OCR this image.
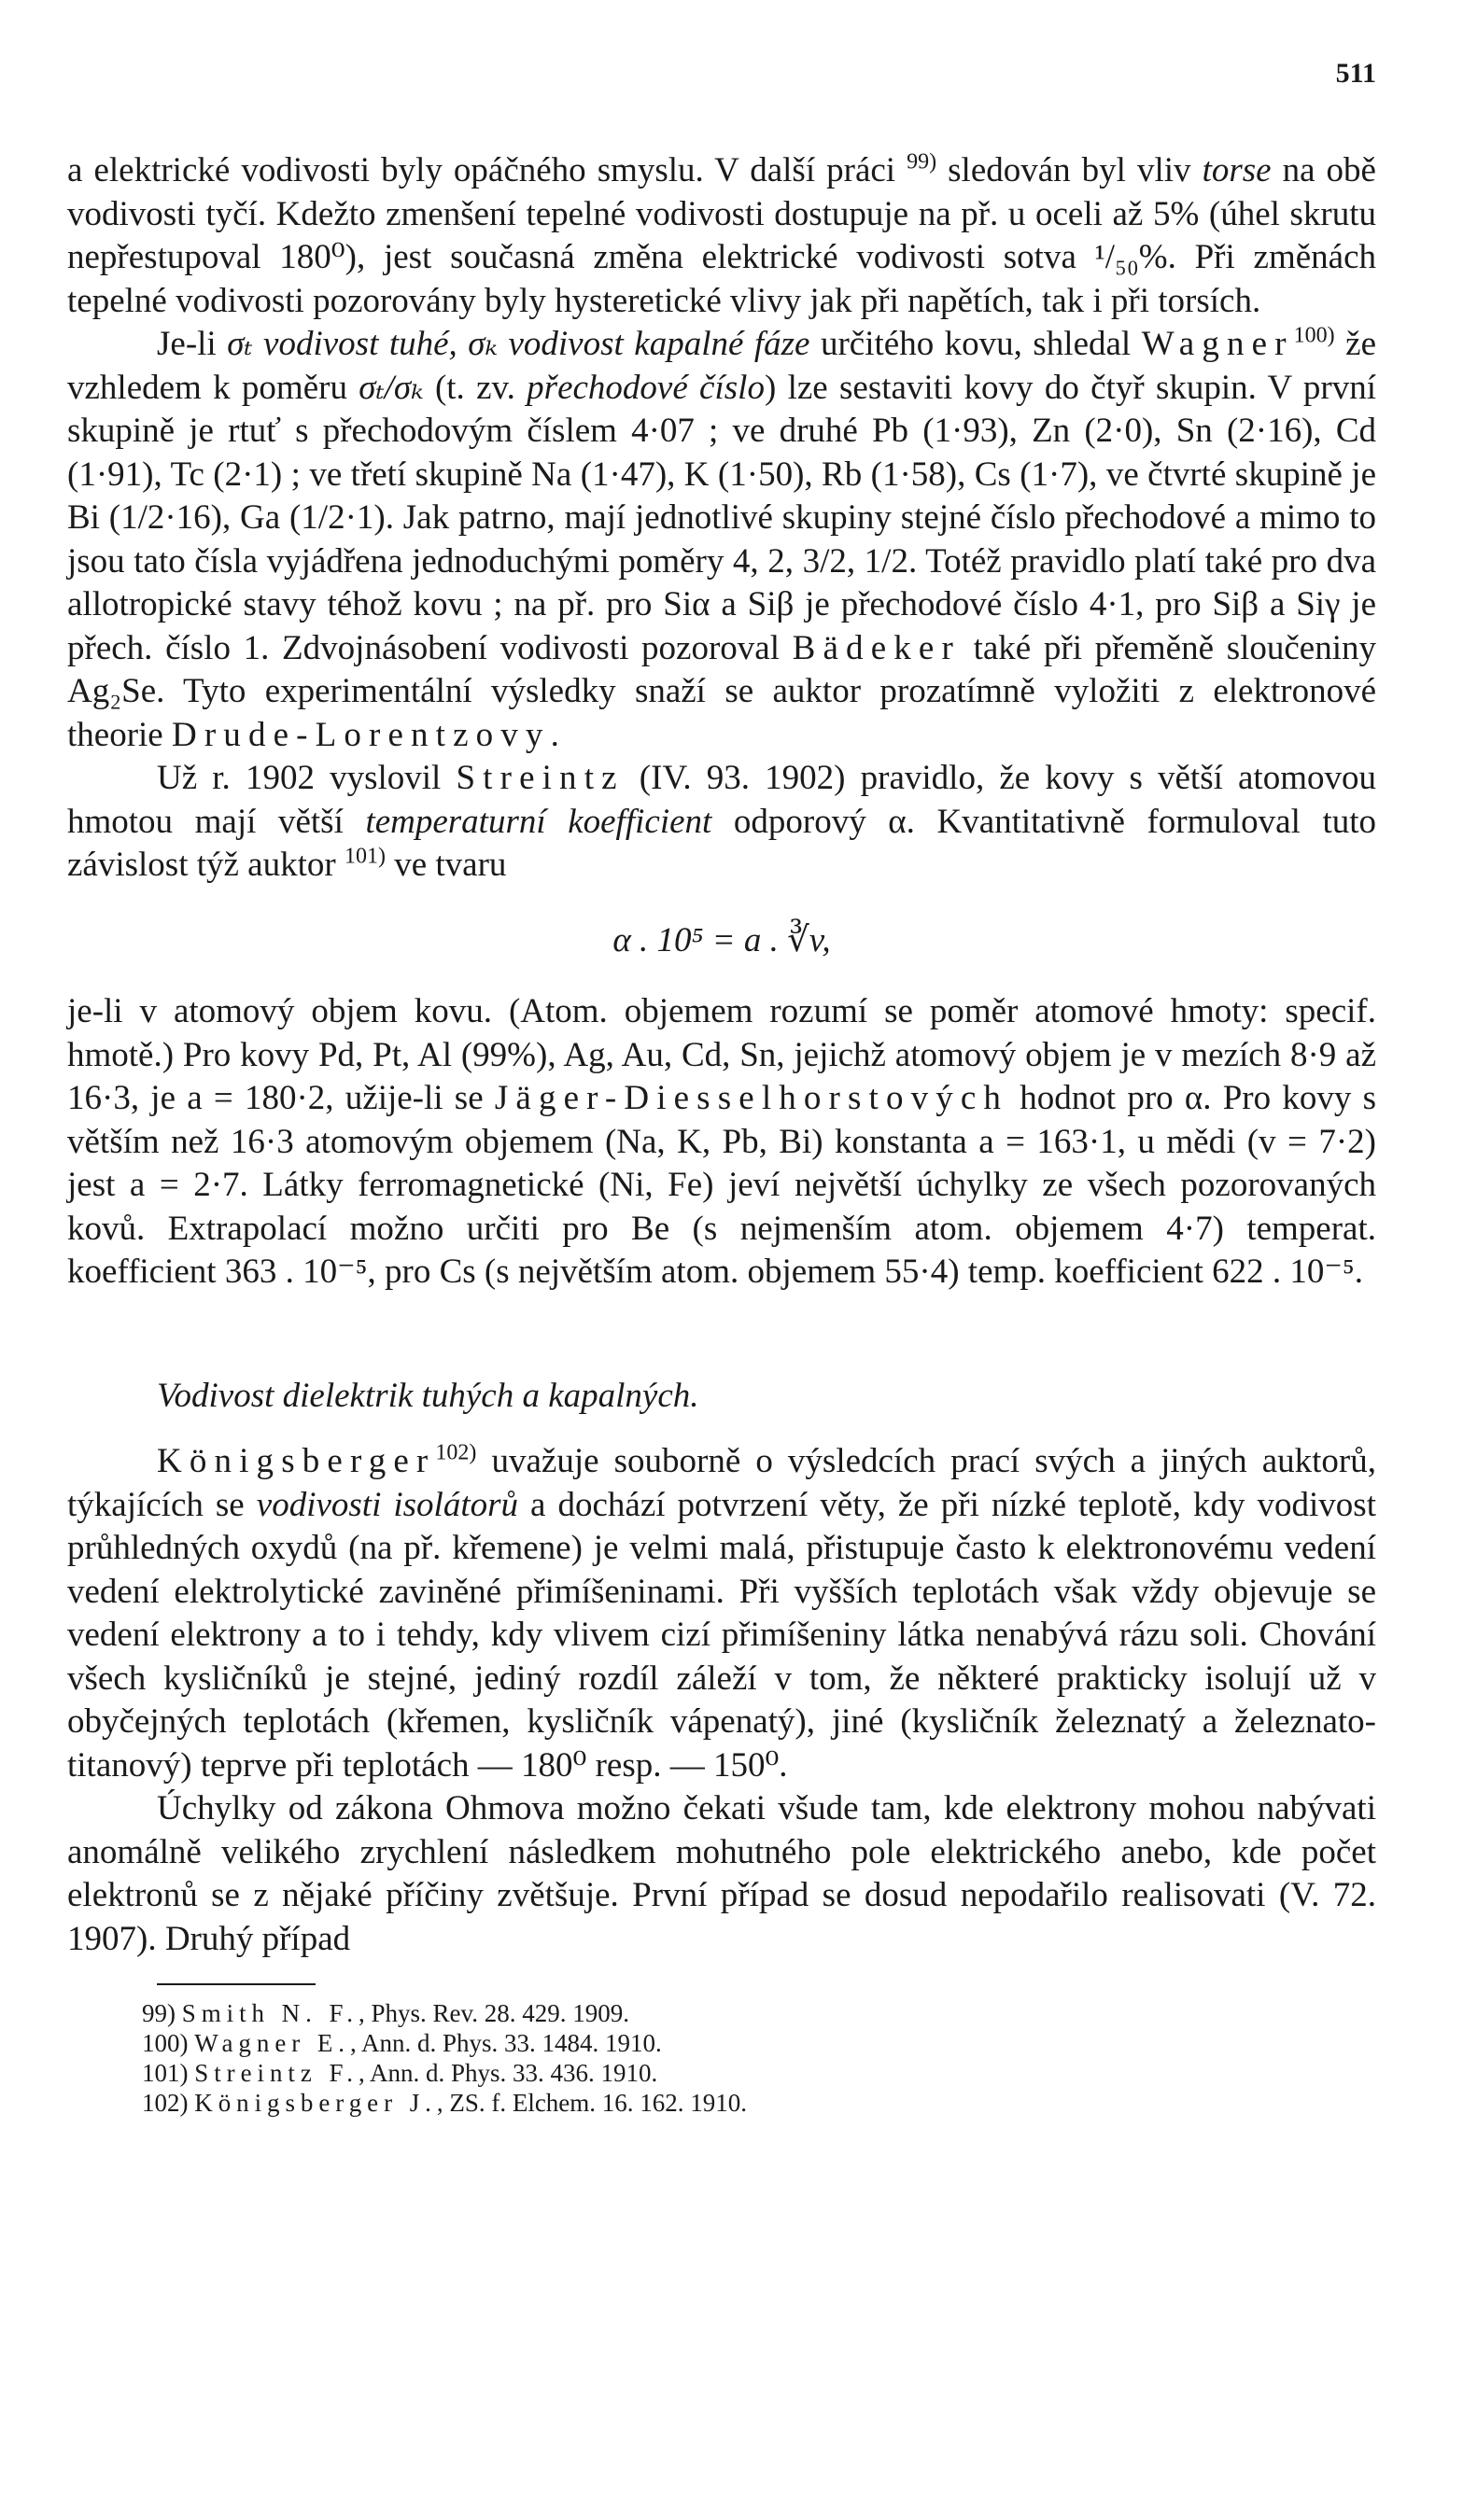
511

a elektrické vodivosti byly opáčného smyslu. V další práci $^{99)}$ sledován byl vliv torse na obě vodivosti tyčí. Kdežto zmenšení tepelné vodivosti dostupuje na př. u oceli až 5% (úhel skrutu nepřestupoval 180⁰), jest současná změna elektrické vodivosti sotva ¹/₅₀%. Při změnách tepelné vodivosti pozorovány byly hysteretické vlivy jak při napětích, tak i při torsích.

Je-li σₜ vodivost tuhé, σₖ vodivost kapalné fáze určitého kovu, shledal Wagner$^{100)}$ že vzhledem k poměru σₜ/σₖ (t. zv. přechodové číslo) lze sestaviti kovy do čtyř skupin. V první skupině je rtuť s přechodovým číslem 4·07 ; ve druhé Pb (1·93), Zn (2·0), Sn (2·16), Cd (1·91), Tc (2·1) ; ve třetí skupině Na (1·47), K (1·50), Rb (1·58), Cs (1·7), ve čtvrté skupině je Bi (1/2·16), Ga (1/2·1). Jak patrno, mají jednotlivé skupiny stejné číslo přechodové a mimo to jsou tato čísla vyjádřena jednoduchými poměry 4, 2, 3/2, 1/2. Totéž pravidlo platí také pro dva allotropické stavy téhož kovu ; na př. pro Siα a Siβ je přechodové číslo 4·1, pro Siβ a Siγ je přech. číslo 1. Zdvojnásobení vodivosti pozoroval Bädeker také při přeměně sloučeniny Ag₂Se. Tyto experimentální výsledky snaží se auktor prozatímně vyložiti z elektronové theorie Drude-Lorentzovy.

Už r. 1902 vyslovil Streintz (IV. 93. 1902) pravidlo, že kovy s větší atomovou hmotou mají větší temperaturní koefficient odporový α. Kvantitativně formuloval tuto závislost týž auktor $^{101)}$ ve tvaru

α . 10⁵ = a . ∛v,

je-li v atomový objem kovu. (Atom. objemem rozumí se poměr atomové hmoty: specif. hmotě.) Pro kovy Pd, Pt, Al (99%), Ag, Au, Cd, Sn, jejichž atomový objem je v mezích 8·9 až 16·3, je a = 180·2, užije-li se Jäger-Diesselhorstových hodnot pro α. Pro kovy s větším než 16·3 atomovým objemem (Na, K, Pb, Bi) konstanta a = 163·1, u mědi (v = 7·2) jest a = 2·7. Látky ferromagnetické (Ni, Fe) jeví největší úchylky ze všech pozorovaných kovů. Extrapolací možno určiti pro Be (s nejmenším atom. objemem 4·7) temperat. koefficient 363 . 10⁻⁵, pro Cs (s největším atom. objemem 55·4) temp. koefficient 622 . 10⁻⁵.

Vodivost dielektrik tuhých a kapalných.

Königsberger$^{102)}$ uvažuje souborně o výsledcích prací svých a jiných auktorů, týkajících se vodivosti isolátorů a dochází potvrzení věty, že při nízké teplotě, kdy vodivost průhledných oxydů (na př. křemene) je velmi malá, přistupuje často k elektronovému vedení vedení elektrolytické zaviněné přimíšeninami. Při vyšších teplotách však vždy objevuje se vedení elektrony a to i tehdy, kdy vlivem cizí přimíšeniny látka nenabývá rázu soli. Chování všech kysličníků je stejné, jediný rozdíl záleží v tom, že některé prakticky isolují už v obyčejných teplotách (křemen, kysličník vápenatý), jiné (kysličník železnatý a železnato-titanový) teprve při teplotách — 180⁰ resp. — 150⁰.

Úchylky od zákona Ohmova možno čekati všude tam, kde elektrony mohou nabývati anomálně velikého zrychlení následkem mohutného pole elektrického anebo, kde počet elektronů se z nějaké příčiny zvětšuje. První případ se dosud nepodařilo realisovati (V. 72. 1907). Druhý případ

99) Smith N. F., Phys. Rev. 28. 429. 1909.
100) Wagner E., Ann. d. Phys. 33. 1484. 1910.
101) Streintz F., Ann. d. Phys. 33. 436. 1910.
102) Königsberger J., ZS. f. Elchem. 16. 162. 1910.
